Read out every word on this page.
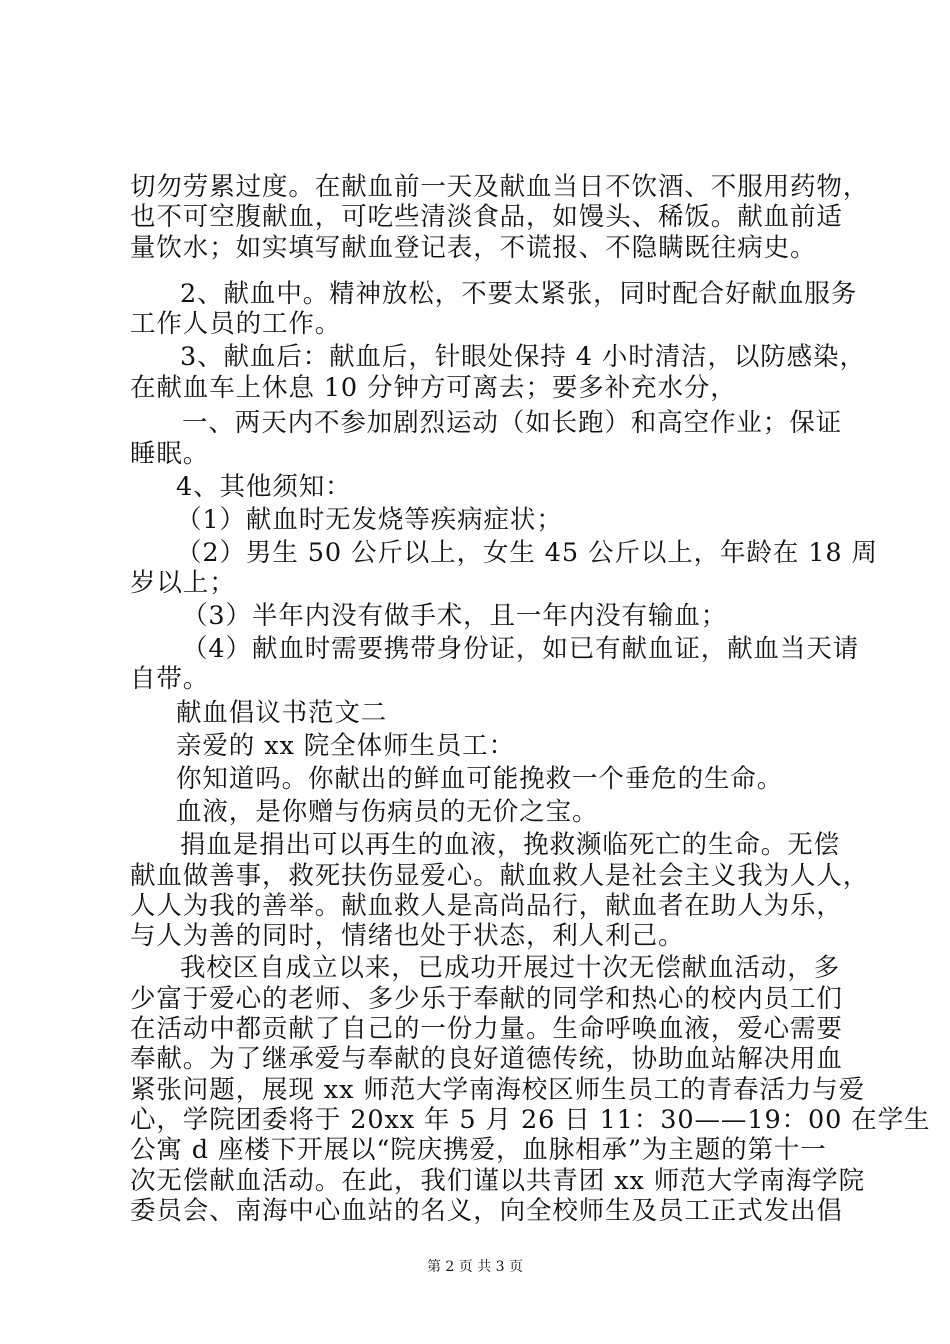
切勿劳累过度。在献血前一天及献血当日不饮酒、不服用药物，
也不可空腹献血，可吃些清淡食品，如馒头、稀饭。献血前适
量饮水；如实填写献血登记表，不谎报、不隐瞒既往病史。
2、献血中。精神放松，不要太紧张，同时配合好献血服务
工作人员的工作。
3、献血后：献血后，针眼处保持 4 小时清洁，以防感染，
在献血车上休息 10 分钟方可离去；要多补充水分，
一、两天内不参加剧烈运动（如长跑）和高空作业；保证
睡眠。
4、其他须知：
（1）献血时无发烧等疾病症状；
（2）男生 50 公斤以上，女生 45 公斤以上，年龄在 18 周
岁以上；
（3）半年内没有做手术，且一年内没有输血；
（4）献血时需要携带身份证，如已有献血证，献血当天请
自带。
献血倡议书范文二
亲爱的 xx 院全体师生员工：
你知道吗。你献出的鲜血可能挽救一个垂危的生命。
血液，是你赠与伤病员的无价之宝。
捐血是捐出可以再生的血液，挽救濒临死亡的生命。无偿
献血做善事，救死扶伤显爱心。献血救人是社会主义我为人人，
人人为我的善举。献血救人是高尚品行，献血者在助人为乐，
与人为善的同时，情绪也处于状态，利人利己。
我校区自成立以来，已成功开展过十次无偿献血活动，多
少富于爱心的老师、多少乐于奉献的同学和热心的校内员工们
在活动中都贡献了自己的一份力量。生命呼唤血液，爱心需要
奉献。为了继承爱与奉献的良好道德传统，协助血站解决用血
紧张问题，展现 xx 师范大学南海校区师生员工的青春活力与爱
心，学院团委将于 20xx 年 5 月 26 日 11：30——19：00 在学生
公寓 d 座楼下开展以“院庆携爱，血脉相承”为主题的第十一
次无偿献血活动。在此，我们谨以共青团 xx 师范大学南海学院
委员会、南海中心血站的名义，向全校师生及员工正式发出倡
第 2 页 共 3 页
